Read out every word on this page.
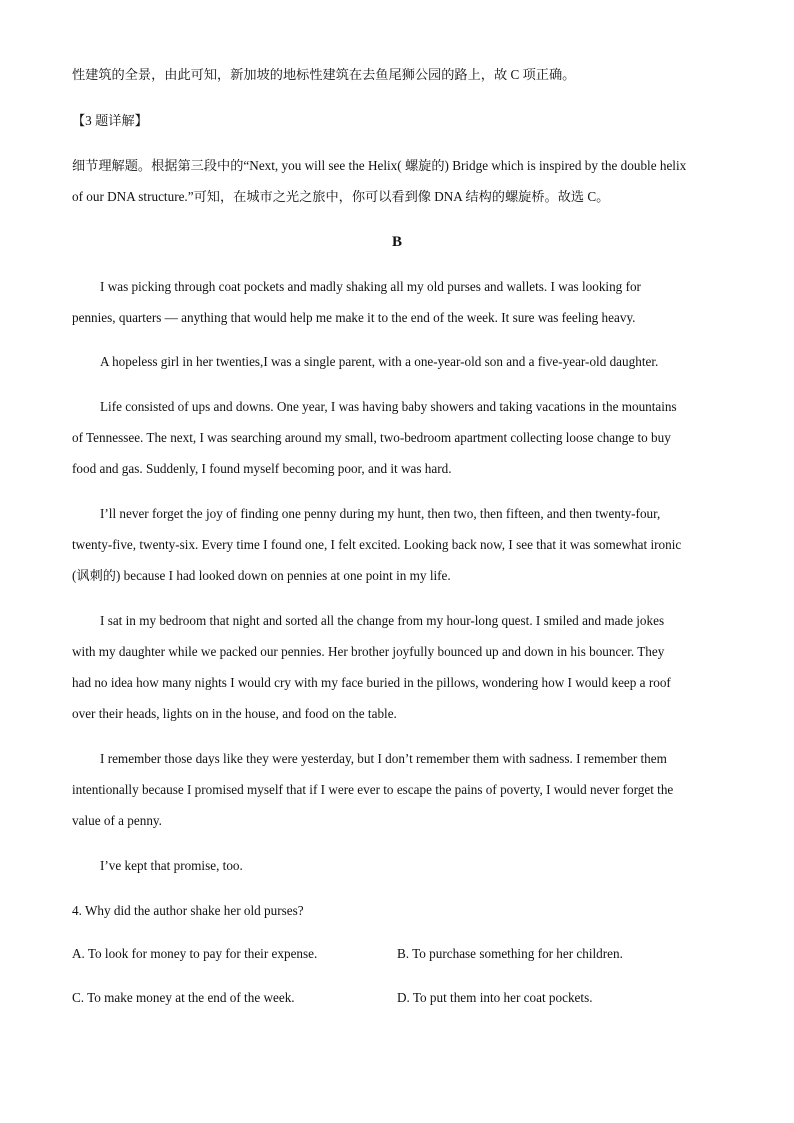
性建筑的全景，由此可知，新加坡的地标性建筑在去鱼尾狮公园的路上，故 C 项正确。
【3 题详解】
细节理解题。根据第三段中的“Next, you will see the Helix( 螺旋的) Bridge which is inspired by the double helix
of our DNA structure.”可知，在城市之光之旅中，你可以看到像 DNA 结构的螺旋桥。故选 C。
B
I was picking through coat pockets and madly shaking all my old purses and wallets. I was looking for
pennies, quarters — anything that would help me make it to the end of the week. It sure was feeling heavy.
A hopeless girl in her twenties,I was a single parent, with a one-year-old son and a five-year-old daughter.
Life consisted of ups and downs. One year, I was having baby showers and taking vacations in the mountains
of Tennessee. The next, I was searching around my small, two-bedroom apartment collecting loose change to buy
food and gas. Suddenly, I found myself becoming poor, and it was hard.
I’ll never forget the joy of finding one penny during my hunt, then two, then fifteen, and then twenty-four,
twenty-five, twenty-six. Every time I found one, I felt excited. Looking back now, I see that it was somewhat ironic
(讽刺的) because I had looked down on pennies at one point in my life.
I sat in my bedroom that night and sorted all the change from my hour-long quest. I smiled and made jokes
with my daughter while we packed our pennies. Her brother joyfully bounced up and down in his bouncer. They
had no idea how many nights I would cry with my face buried in the pillows, wondering how I would keep a roof
over their heads, lights on in the house, and food on the table.
I remember those days like they were yesterday, but I don’t remember them with sadness. I remember them
intentionally because I promised myself that if I were ever to escape the pains of poverty, I would never forget the
value of a penny.
I’ve kept that promise, too.
4. Why did the author shake her old purses?
A. To look for money to pay for their expense.	B. To purchase something for her children.
C. To make money at the end of the week.	D. To put them into her coat pockets.
